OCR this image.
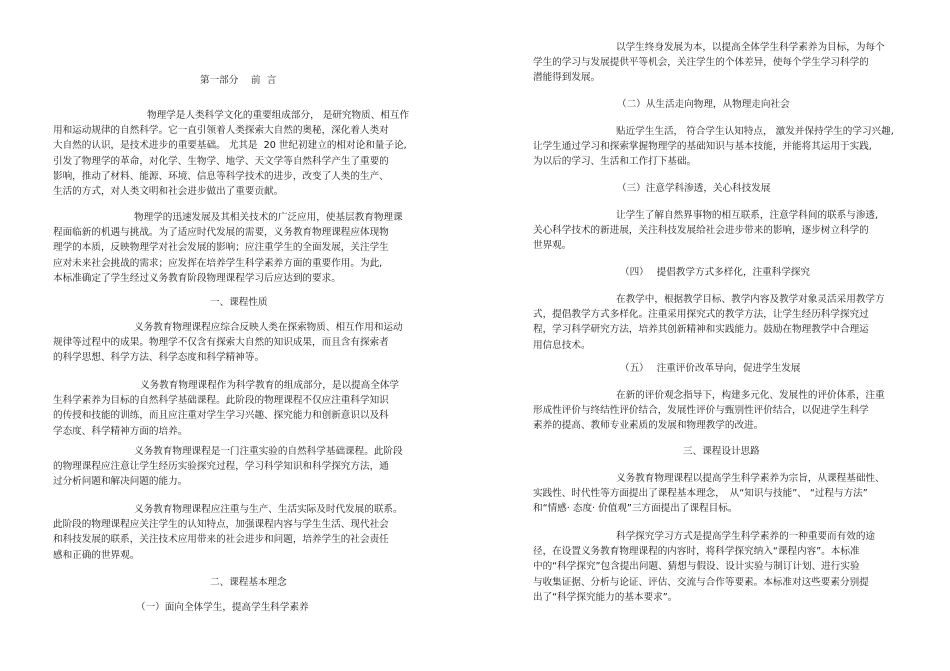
第一部分　 前  言
物理学是人类科学文化的重要组成部分， 是研究物质、相互作
用和运动规律的自然科学。它一直引领着人类探索大自然的奥秘，深化着人类对
大自然的认识，是技术进步的重要基础。 尤其是  20 世纪初建立的相对论和量子论,
引发了物理学的革命，对化学、生物学、地学、天文学等自然科学产生了重要的
影响，推动了材料、能源、环境、信息等科学技术的进步，改变了人类的生产、
生活的方式，对人类文明和社会进步做出了重要贡献。
物理学的迅速发展及其相关技术的广泛应用，使基层教育物理课
程面临新的机遇与挑战。为了适应时代发展的需要，义务教育物理课程应体现物
理学的本质，反映物理学对社会发展的影响；应注重学生的全面发展，关注学生
应对未来社会挑战的需求；应发挥在培养学生科学素养方面的重要作用。为此,
本标准确定了学生经过义务教育阶段物理课程学习后应达到的要求。
一、课程性质
义务教育物理课程应综合反映人类在探索物质、相互作用和运动
规律等过程中的成果。物理学不仅含有探索大自然的知识成果，而且含有探索者
的科学思想、科学方法、科学态度和科学精神等。
义务教育物理课程作为科学教育的组成部分，是以提高全体学
生科学素养为目标的自然科学基础课程。此阶段的物理课程不仅应注重科学知识
的传授和技能的训练，而且应注重对学生学习兴趣、探究能力和创新意识以及科
学态度、科学精神方面的培养。
义务教育物理课程是一门注重实验的自然科学基础课程。此阶段
的物理课程应注意让学生经历实验探究过程，学习科学知识和科学探究方法，通
过分析问题和解决问题的能力。
义务教育物理课程应注重与生产、生活实际及时代发展的联系。
此阶段的物理课程应关注学生的认知特点，加强课程内容与学生生活、现代社会
和科技发展的联系，关注技术应用带来的社会进步和问题，培养学生的社会责任
感和正确的世界观。
二、课程基本理念
（一）面向全体学生，提高学生科学素养
以学生终身发展为本，以提高全体学生科学素养为目标，为每个
学生的学习与发展提供平等机会，关注学生的个体差异，使每个学生学习科学的
潜能得到发展。
（二）从生活走向物理，从物理走向社会
贴近学生生活， 符合学生认知特点， 激发并保持学生的学习兴趣,
让学生通过学习和探索掌握物理学的基础知识与基本技能，并能将其运用于实践,
为以后的学习、生活和工作打下基础。
（三）注意学科渗透，关心科技发展
让学生了解自然界事物的相互联系，注意学科间的联系与渗透,
关心科学技术的新进展，关注科技发展给社会进步带来的影响，逐步树立科学的
世界观。
（四）　 提倡教学方式多样化，注重科学探究
在教学中，根据教学目标、教学内容及教学对象灵活采用教学方
式，提倡教学方式多样化。注重采用探究式的教学方法，让学生经历科学探究过
程，学习科学研究方法，培养其创新精神和实践能力。鼓励在物理教学中合理运
用信息技术。
（五）　 注重评价改革导向，促进学生发展
在新的评价观念指导下，构建多元化、发展性的评价体系，注重
形成性评价与终结性评价结合，发展性评价与甄别性评价结合，以促进学生科学
素养的提高、教师专业素质的发展和物理教学的改进。
三、课程设计思路
义务教育物理课程以提高学生科学素养为宗旨，从课程基础性、
实践性、时代性等方面提出了课程基本理念，　从“知识与技能”、 “过程与方法”
和“情感· 态度· 价值观”三方面提出了课程目标。
科学探究学习方式是提高学生科学素养的一种重要而有效的途
径，在设置义务教育物理课程的内容时，将科学探究纳入“课程内容”。本标准
中的“科学探究”包含提出问题、猜想与假设、设计实验与制订计划、进行实验
与收集证据、分析与论证、评估、交流与合作等要素。本标准对这些要素分别提
出了“科学探究能力的基本要求”。
